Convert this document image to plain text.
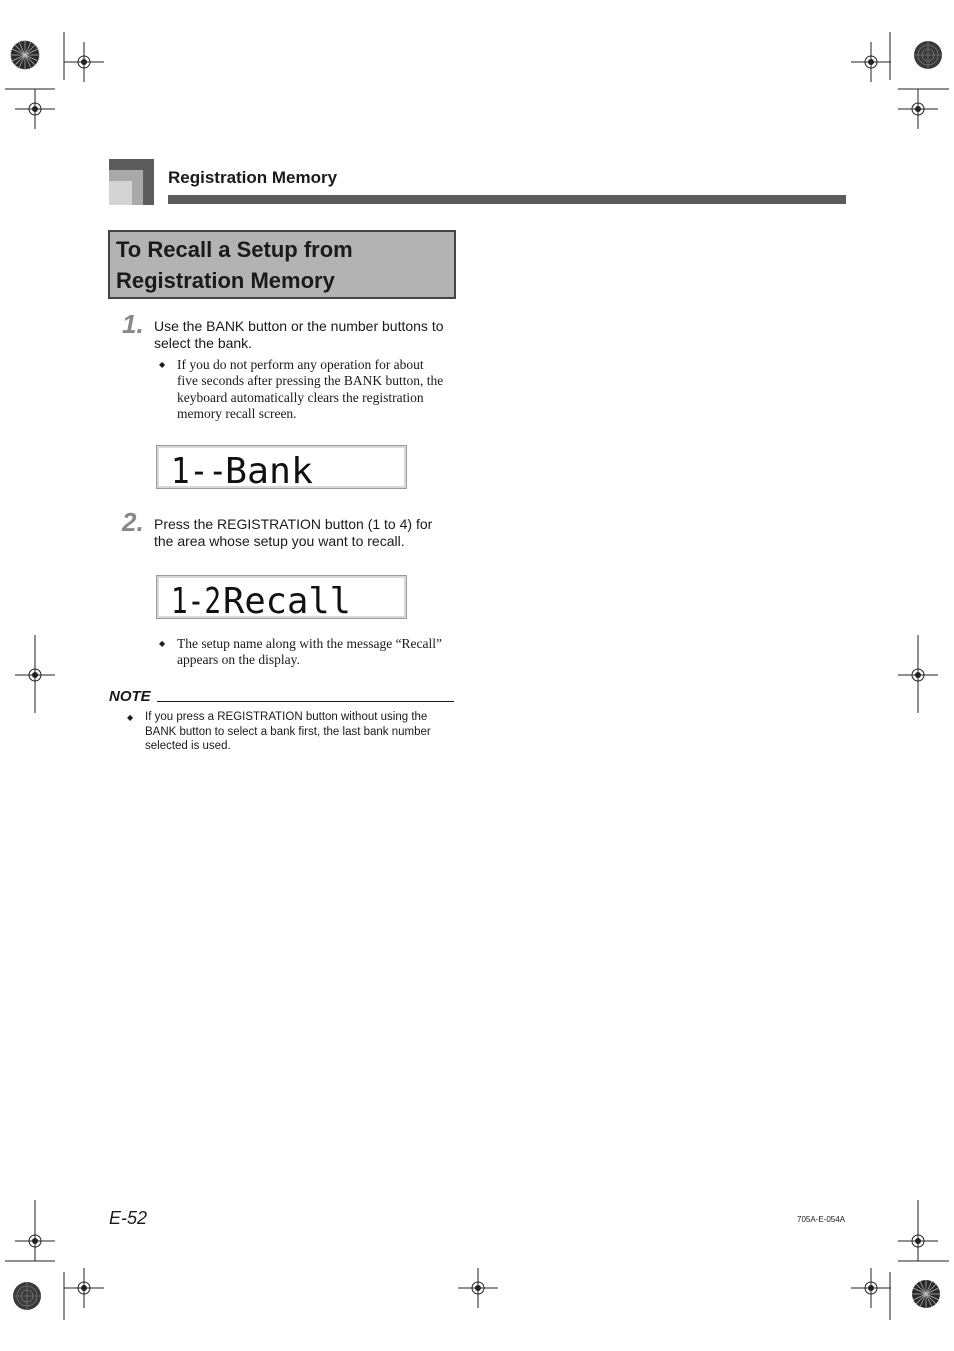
Registration Memory
To Recall a Setup from
Registration Memory
1. Use the BANK button or the number buttons to
select the bank.
◆ If you do not perform any operation for about
five seconds after pressing the BANK button, the
keyboard automatically clears the registration
memory recall screen.
1--
Bank
2. Press the REGISTRATION button (1 to 4) for
the area whose setup you want to recall.
1-2 Recall
◆ The setup name along with the message “Recall”
appears on the display.
NOTE
◆	If you press a REGISTRATION button without using the
BANK button to select a bank first, the last bank number
selected is used.
E-52	705A-E-054A
